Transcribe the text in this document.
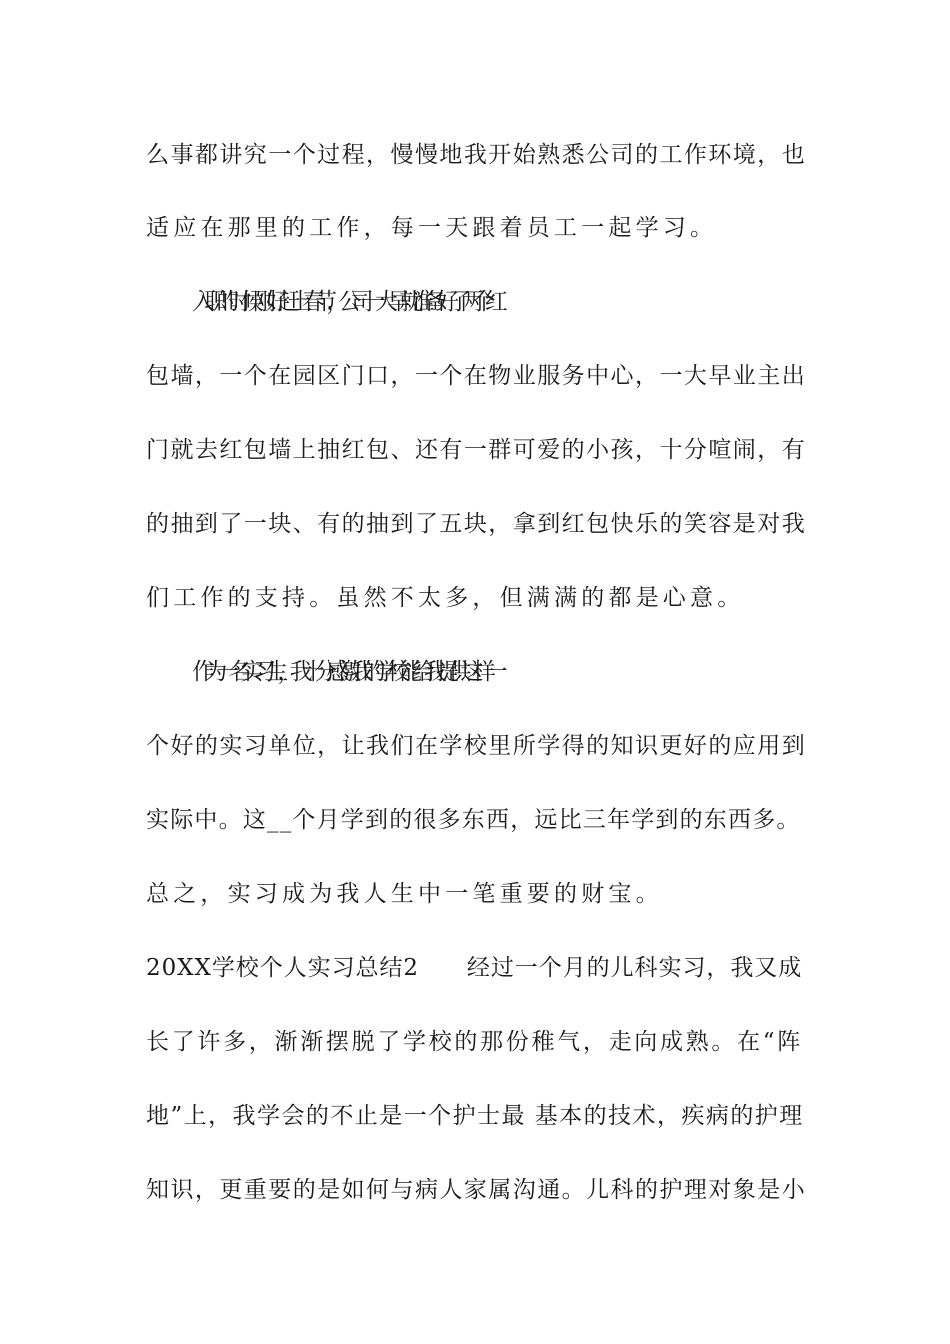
么事都讲究一个过程，慢慢地我开始熟悉公司的工作环境，也
适应在那里的工作，每一天跟着员工一起学习。
入职的时候刚好赶上春节，公司一大早就准备好了两个红
包墙，一个在园区门口，一个在物业服务中心，一大早业主出
门就去红包墙上抽红包、还有一群可爱的小孩，十分喧闹，有
的抽到了一块、有的抽到了五块，拿到红包快乐的笑容是对我
们工作的支持。虽然不太多，但满满的都是心意。
作为一名实习生，我十分感激我的学校能给我提供这样一
个好的实习单位，让我们在学校里所学得的知识更好的应用到
实际中。这__个月学到的很多东西，远比三年学到的东西多。
总之，实习成为我人生中一笔重要的财宝。
20XX学校个人实习总结2　　经过一个月的儿科实习，我又成
长了许多，渐渐摆脱了学校的那份稚气，走向成熟。在“阵
地”上，我学会的不止是一个护士最 基本的技术，疾病的护理
知识，更重要的是如何与病人家属沟通。儿科的护理对象是小
